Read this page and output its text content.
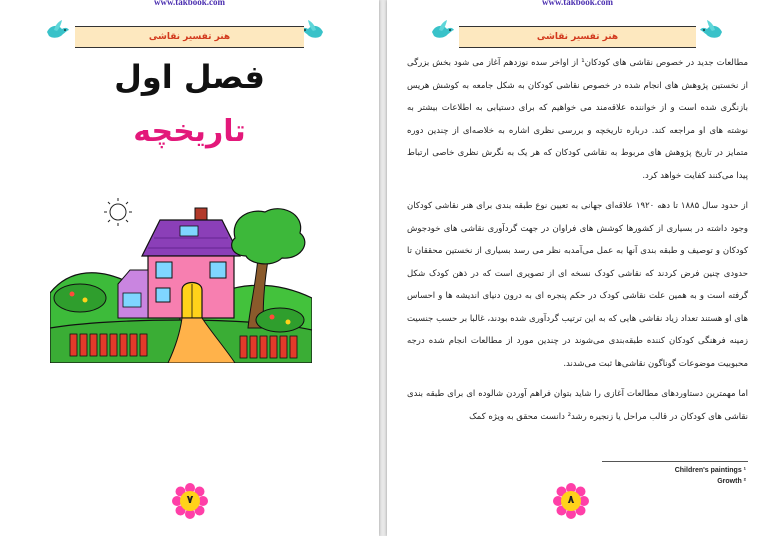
www.takbook.com
هنر تفسیر نقاشی
فصل اول
تاریخچه
۷
www.takbook.com
هنر تفسیر نقاشی

مطالعات جدید در خصوص نقاشی های کودکان¹ از اواخر سده نوزدهم آغاز می شود بخش بزرگی از نخستین پژوهش های انجام شده در خصوص نقاشی کودکان به شکل جامعه به کوشش هریس بازنگری شده است و از خواننده علاقه‌مند می خواهیم که برای دستیابی به اطلاعات بیشتر به نوشته های او مراجعه کند. درباره تاریخچه و بررسی نظری اشاره به خلاصه‌ای از چندین دوره متمایز در تاریخ پژوهش های مربوط به نقاشی کودکان که هر یک به نگرش نظری خاصی ارتباط پیدا می‌کنند کفایت خواهد کرد.

از حدود سال ۱۸۸۵ تا دهه ۱۹۲۰ علاقه‌ای جهانی به تعیین نوع طبقه بندی برای هنر نقاشی کودکان وجود داشته در بسیاری از کشورها کوشش های فراوان در جهت گردآوری نقاشی های خودجوش کودکان و توصیف و طبقه بندی آنها به عمل می‌آمدبه نظر می رسد بسیاری از نخستین محققان تا حدودی چنین فرض کردند که نقاشی کودک نسخه ای از تصویری است که در ذهن کودک شکل گرفته است و به همین علت نقاشی کودک در حکم پنجره ای به درون دنیای اندیشه ها و احساس های او هستند تعداد زیاد نقاشی هایی که به این ترتیب گردآوری شده بودند، غالبا بر حسب جنسیت زمینه فرهنگی کودکان کننده طبقه‌بندی می‌شوند در چندین مورد از مطالعات انجام شده درجه محبوبیت موضوعات گوناگون نقاشی‌ها ثبت می‌شدند.

اما مهمترین دستاوردهای مطالعات آغازی را شاید بتوان فراهم آوردن شالوده ای برای طبقه بندی نقاشی های کودکان در قالب مراحل یا زنجیره رشد² دانست محقق به ویژه کمک

Children's paintings ¹
Growth ²
۸
